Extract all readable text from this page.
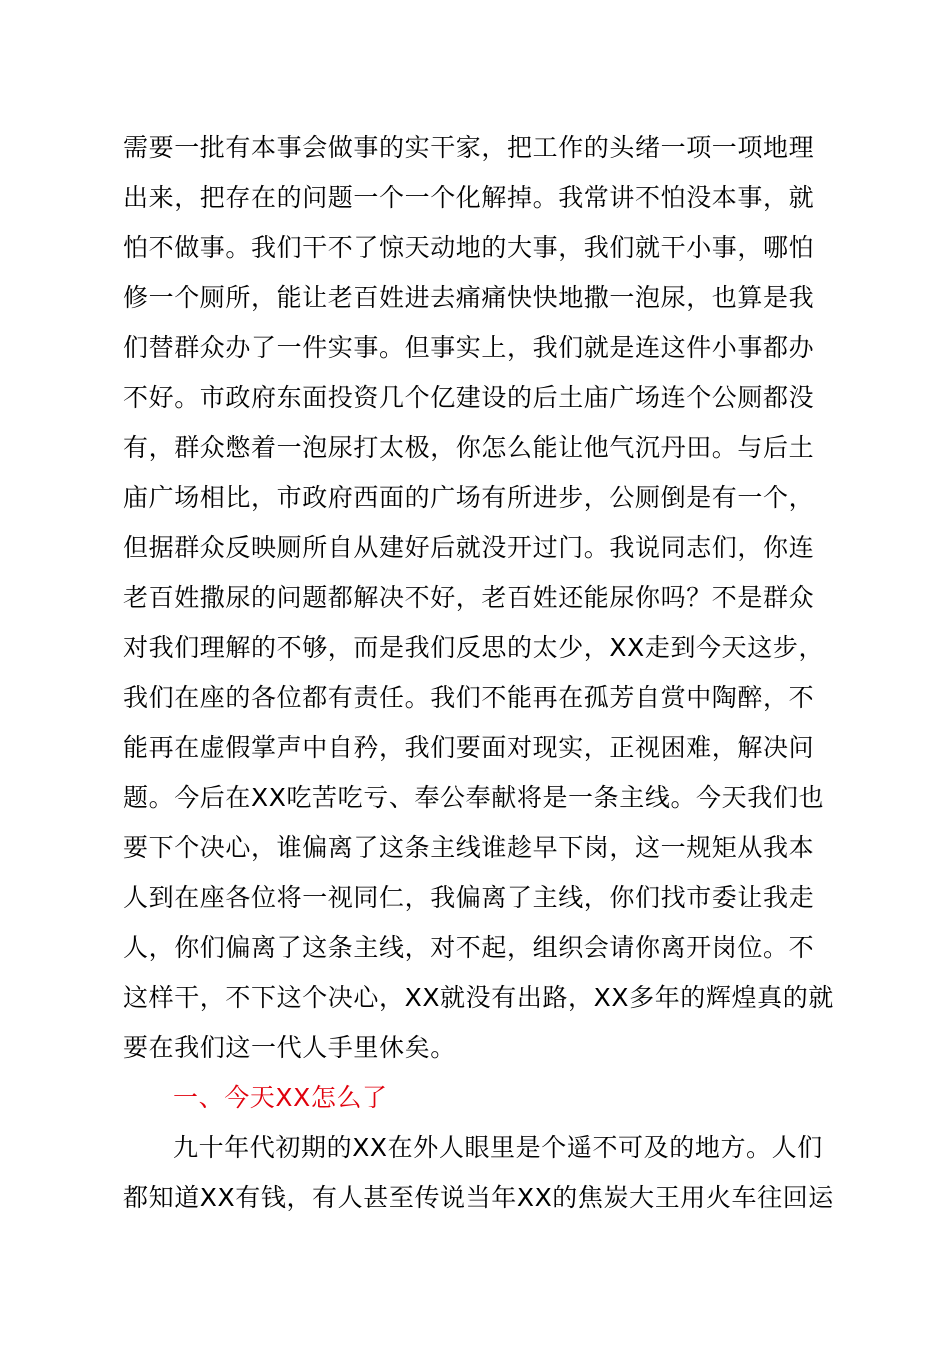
需要一批有本事会做事的实干家，把工作的头绪一项一项地理
出来，把存在的问题一个一个化解掉。我常讲不怕没本事，就
怕不做事。我们干不了惊天动地的大事，我们就干小事，哪怕
修一个厕所，能让老百姓进去痛痛快快地撒一泡尿，也算是我
们替群众办了一件实事。但事实上，我们就是连这件小事都办
不好。市政府东面投资几个亿建设的后土庙广场连个公厕都没
有，群众憋着一泡尿打太极，你怎么能让他气沉丹田。与后土
庙广场相比，市政府西面的广场有所进步，公厕倒是有一个，
但据群众反映厕所自从建好后就没开过门。我说同志们，你连
老百姓撒尿的问题都解决不好，老百姓还能尿你吗？不是群众
对我们理解的不够，而是我们反思的太少，XX走到今天这步，
我们在座的各位都有责任。我们不能再在孤芳自赏中陶醉，不
能再在虚假掌声中自矜，我们要面对现实，正视困难，解决问
题。今后在XX吃苦吃亏、奉公奉献将是一条主线。今天我们也
要下个决心，谁偏离了这条主线谁趁早下岗，这一规矩从我本
人到在座各位将一视同仁，我偏离了主线，你们找市委让我走
人，你们偏离了这条主线，对不起，组织会请你离开岗位。不
这样干，不下这个决心，XX就没有出路，XX多年的辉煌真的就
要在我们这一代人手里休矣。
一、今天XX怎么了
九十年代初期的XX在外人眼里是个遥不可及的地方。人们
都知道XX有钱，有人甚至传说当年XX的焦炭大王用火车往回运
